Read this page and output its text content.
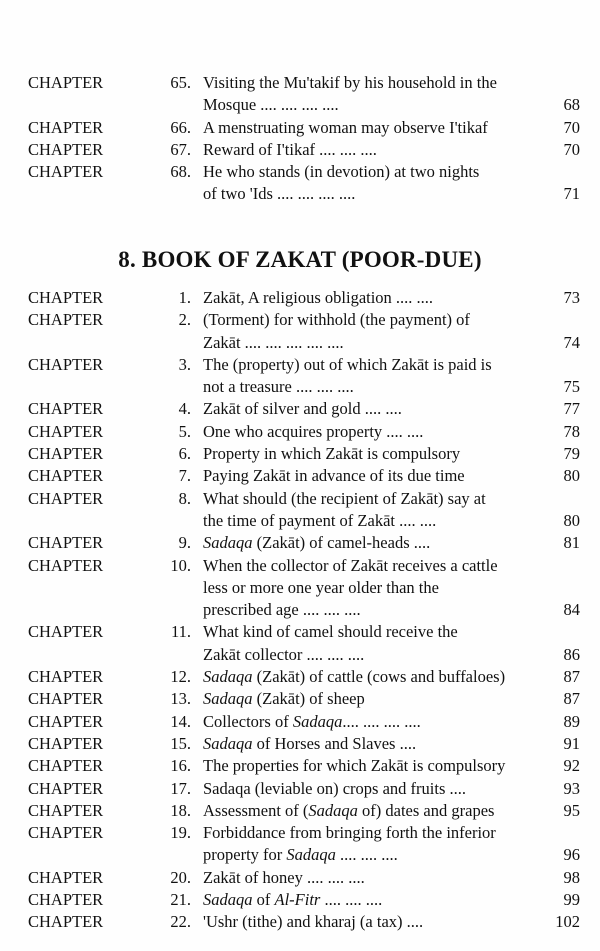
CHAPTER	65. Visiting the Mu'takif by his household in the
Mosque .... .... .... ....	68
CHAPTER	66. A menstruating woman may observe I'tikaf	70
CHAPTER	67. Reward of I'tikaf .... .... ....	70
CHAPTER	68. He who stands (in devotion) at two nights
of two 'Ids .... .... .... ....	71
8. BOOK OF ZAKAT (POOR-DUE)
CHAPTER	1. Zakāt, A religious obligation .... ....	73
CHAPTER	2. (Torment) for withhold (the payment) of
Zakāt .... .... .... .... ....	74
CHAPTER	3. The (property) out of which Zakāt is paid is
not a treasure .... .... ....	75
CHAPTER	4. Zakāt of silver and gold .... ....	77
CHAPTER	5. One who acquires property .... ....	78
CHAPTER	6. Property in which Zakāt is compulsory	79
CHAPTER	7. Paying Zakāt in advance of its due time	80
CHAPTER	8. What should (the recipient of Zakāt) say at
the time of payment of Zakāt .... ....	80
CHAPTER	9. Sadaqa (Zakāt) of camel-heads ....	81
CHAPTER	10. When the collector of Zakāt receives a cattle
less or more one year older than the
prescribed age .... .... ....	84
CHAPTER	11. What kind of camel should receive the
Zakāt collector .... .... ....	86
CHAPTER	12. Sadaqa (Zakāt) of cattle (cows and buffaloes)	87
CHAPTER	13. Sadaqa (Zakāt) of sheep	87
CHAPTER	14. Collectors of Sadaqa.... .... .... ....	89
CHAPTER	15. Sadaqa of Horses and Slaves ....	91
CHAPTER	16. The properties for which Zakāt is compulsory	92
CHAPTER	17. Sadaqa (leviable on) crops and fruits ....	93
CHAPTER	18. Assessment of (Sadaqa of) dates and grapes	95
CHAPTER	19. Forbiddance from bringing forth the inferior
property for Sadaqa .... .... ....	96
CHAPTER	20. Zakāt of honey .... .... ....	98
CHAPTER	21. Sadaqa of Al-Fitr .... .... ....	99
CHAPTER	22. 'Ushr (tithe) and kharaj (a tax) ....	102
